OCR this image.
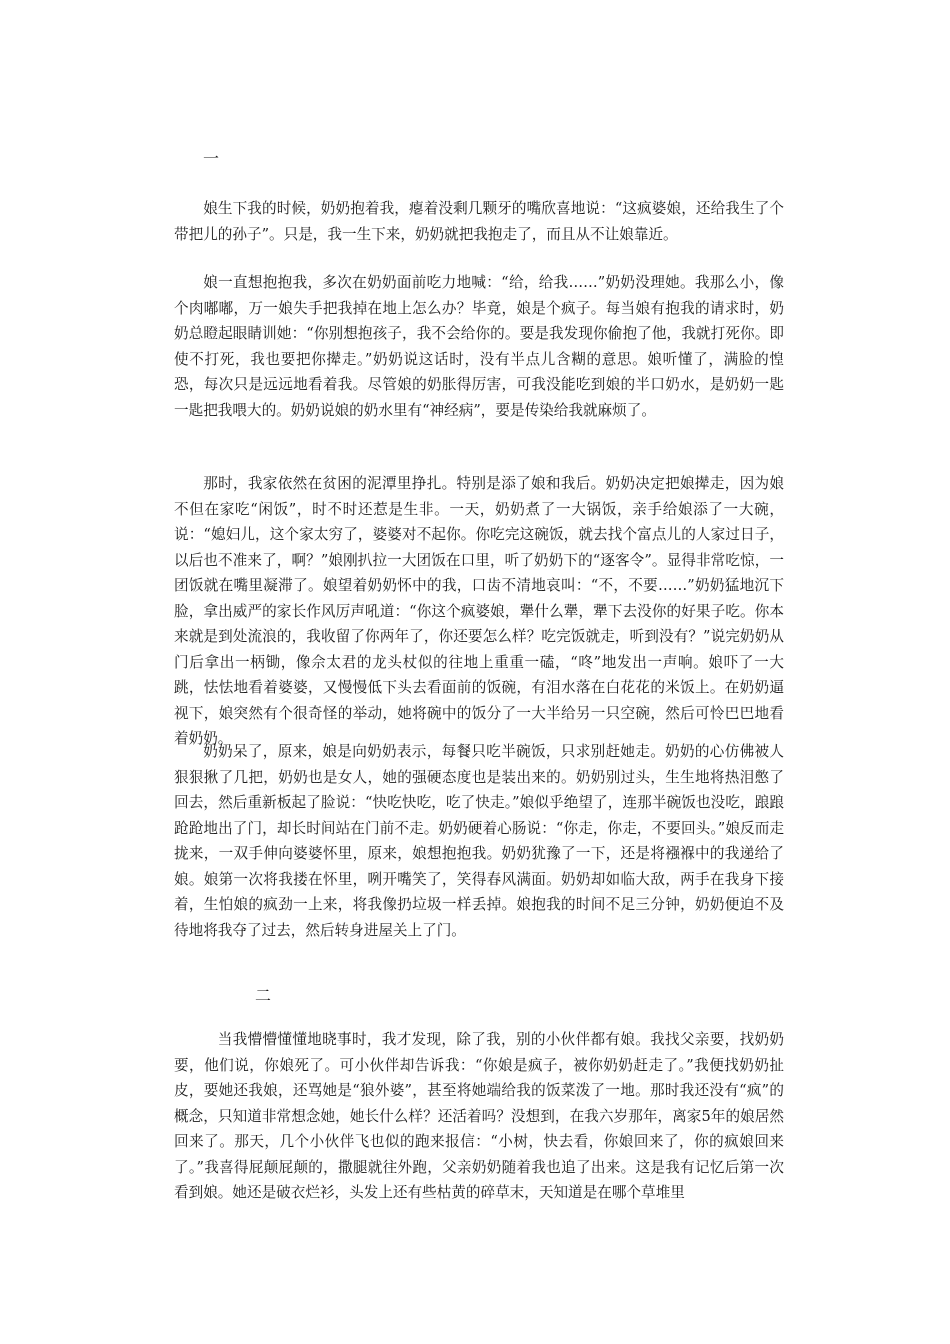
一

娘生下我的时候，奶奶抱着我，瘪着没剩几颗牙的嘴欣喜地说：“这疯婆娘，还给我生了个带把儿的孙子”。只是，我一生下来，奶奶就把我抱走了，而且从不让娘靠近。

娘一直想抱抱我，多次在奶奶面前吃力地喊：“给，给我……”奶奶没理她。我那么小，像个肉嘟嘟，万一娘失手把我掉在地上怎么办？毕竟，娘是个疯子。每当娘有抱我的请求时，奶奶总瞪起眼睛训她：“你别想抱孩子，我不会给你的。要是我发现你偷抱了他，我就打死你。即使不打死，我也要把你撵走。”奶奶说这话时，没有半点儿含糊的意思。娘听懂了，满脸的惶恐，每次只是远远地看着我。尽管娘的奶胀得厉害，可我没能吃到娘的半口奶水，是奶奶一匙一匙把我喂大的。奶奶说娘的奶水里有“神经病”，要是传染给我就麻烦了。

那时，我家依然在贫困的泥潭里挣扎。特别是添了娘和我后。奶奶决定把娘撵走，因为娘不但在家吃“闲饭”，时不时还惹是生非。一天，奶奶煮了一大锅饭，亲手给娘添了一大碗，说：“媳妇儿，这个家太穷了，婆婆对不起你。你吃完这碗饭，就去找个富点儿的人家过日子，以后也不准来了，啊？”娘刚扒拉一大团饭在口里，听了奶奶下的“逐客令”。显得非常吃惊，一团饭就在嘴里凝滞了。娘望着奶奶怀中的我，口齿不清地哀叫：“不，不要……”奶奶猛地沉下脸，拿出威严的家长作风厉声吼道：“你这个疯婆娘，犟什么犟，犟下去没你的好果子吃。你本来就是到处流浪的，我收留了你两年了，你还要怎么样？吃完饭就走，听到没有？”说完奶奶从门后拿出一柄锄，像佘太君的龙头杖似的往地上重重一磕，“咚”地发出一声响。娘吓了一大跳，怯怯地看着婆婆，又慢慢低下头去看面前的饭碗，有泪水落在白花花的米饭上。在奶奶逼视下，娘突然有个很奇怪的举动，她将碗中的饭分了一大半给另一只空碗，然后可怜巴巴地看着奶奶。

奶奶呆了，原来，娘是向奶奶表示，每餐只吃半碗饭，只求别赶她走。奶奶的心仿佛被人狠狠揪了几把，奶奶也是女人，她的强硬态度也是装出来的。奶奶别过头，生生地将热泪憋了回去，然后重新板起了脸说：“快吃快吃，吃了快走。”娘似乎绝望了，连那半碗饭也没吃，踉踉跄跄地出了门，却长时间站在门前不走。奶奶硬着心肠说：“你走，你走，不要回头。”娘反而走拢来，一双手伸向婆婆怀里，原来，娘想抱抱我。奶奶犹豫了一下，还是将襁褓中的我递给了娘。娘第一次将我搂在怀里，咧开嘴笑了，笑得春风满面。奶奶却如临大敌，两手在我身下接着，生怕娘的疯劲一上来，将我像扔垃圾一样丢掉。娘抱我的时间不足三分钟，奶奶便迫不及待地将我夺了过去，然后转身进屋关上了门。

二

当我懵懵懂懂地晓事时，我才发现，除了我，别的小伙伴都有娘。我找父亲要，找奶奶要，他们说，你娘死了。可小伙伴却告诉我：“你娘是疯子，被你奶奶赶走了。”我便找奶奶扯皮，要她还我娘，还骂她是“狼外婆”，甚至将她端给我的饭菜泼了一地。那时我还没有“疯”的概念，只知道非常想念她，她长什么样？还活着吗？没想到，在我六岁那年，离家5年的娘居然回来了。那天，几个小伙伴飞也似的跑来报信：“小树，快去看，你娘回来了，你的疯娘回来了。”我喜得屁颠屁颠的，撒腿就往外跑，父亲奶奶随着我也追了出来。这是我有记忆后第一次看到娘。她还是破衣烂衫，头发上还有些枯黄的碎草末，天知道是在哪个草堆里
